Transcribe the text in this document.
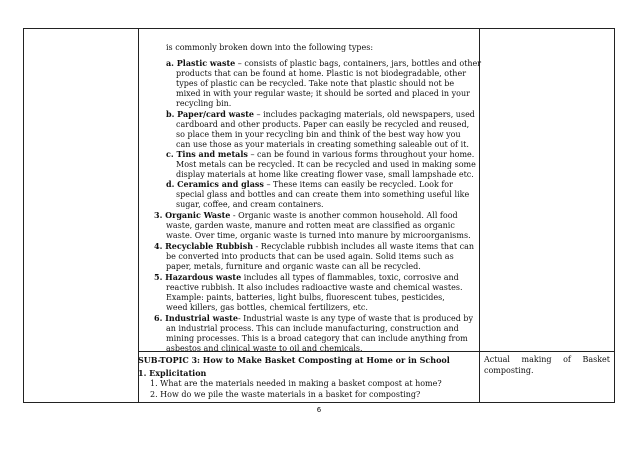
is commonly broken down into the following types:
a. Plastic waste – consists of plastic bags, containers, jars, bottles and other
products that can be found at home. Plastic is not biodegradable, other
types of plastic can be recycled. Take note that plastic should not be
mixed in with your regular waste; it should be sorted and placed in your
recycling bin.
b. Paper/card waste – includes packaging materials, old newspapers, used
cardboard and other products. Paper can easily be recycled and reused,
so place them in your recycling bin and think of the best way how you
can use those as your materials in creating something saleable out of it.
c. Tins and metals – can be found in various forms throughout your home.
Most metals can be recycled. It can be recycled and used in making some
display materials at home like creating flower vase, small lampshade etc.
d. Ceramics and glass – These items can easily be recycled. Look for
special glass and bottles and can create them into something useful like
sugar, coffee, and cream containers.
3. Organic Waste - Organic waste is another common household. All food
waste, garden waste, manure and rotten meat are classified as organic
waste. Over time, organic waste is turned into manure by microorganisms.
4. Recyclable Rubbish - Recyclable rubbish includes all waste items that can
be converted into products that can be used again. Solid items such as
paper, metals, furniture and organic waste can all be recycled.
5. Hazardous waste includes all types of flammables, toxic, corrosive and
reactive rubbish. It also includes radioactive waste and chemical wastes.
Example: paints, batteries, light bulbs, fluorescent tubes, pesticides,
weed killers, gas bottles, chemical fertilizers, etc.
6. Industrial waste- Industrial waste is any type of waste that is produced by
an industrial process. This can include manufacturing, construction and
mining processes. This is a broad category that can include anything from
asbestos and clinical waste to oil and chemicals.
SUB-TOPIC 3: How to Make Basket Composting at Home or in School
1. Explicitation
1. What are the materials needed in making a basket compost at home?
2. How do we pile the waste materials in a basket for composting?
Actual making of Basket
composting.
6
